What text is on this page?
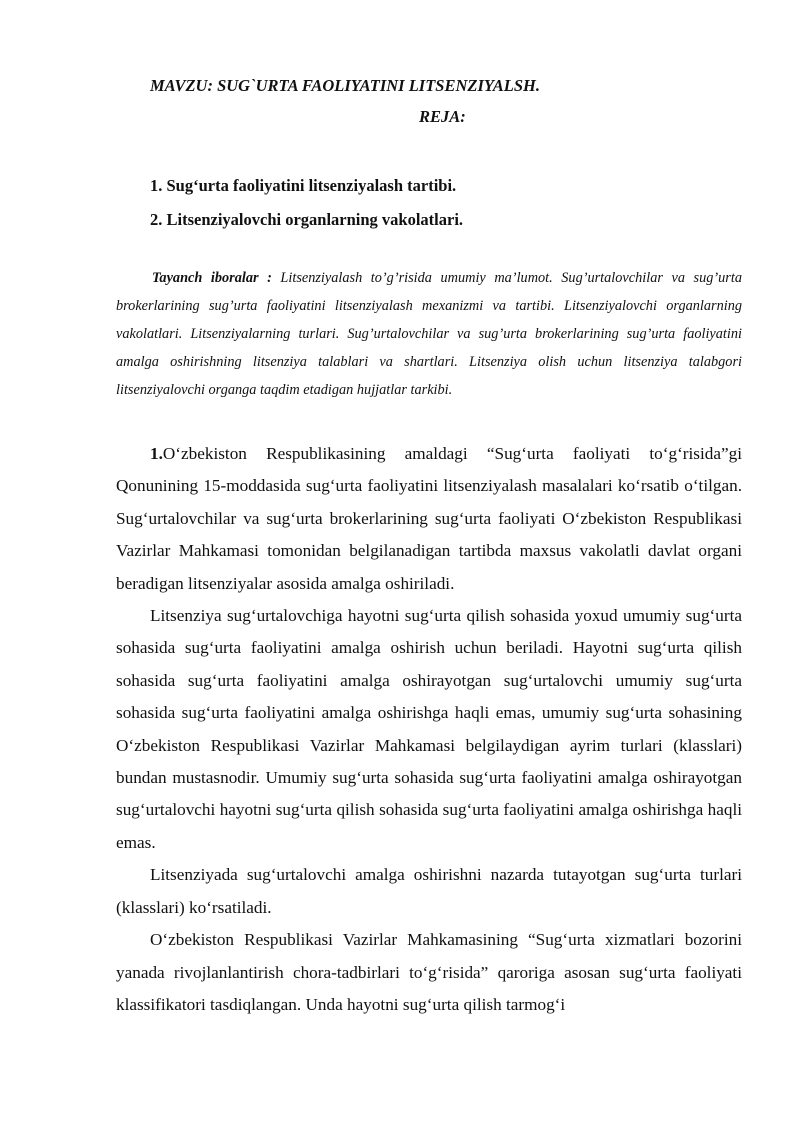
MAVZU: SUG`URTA FAOLIYATINI LITSENZIYALSH.
REJA:
1. Sug‘urta faoliyatini litsenziyalash tartibi.
2. Litsenziyalovchi organlarning vakolatlari.

Tayanch iboralar : Litsenziyalash to’g’risida umumiy ma’lumot. Sug’urtalovchilar va sug’urta brokerlarining sug’urta faoliyatini litsenziyalash mexanizmi va tartibi. Litsenziyalovchi organlarning vakolatlari. Litsenziyalarning turlari. Sug’urtalovchilar va sug’urta brokerlarining sug’urta faoliyatini amalga oshirishning litsenziya talablari va shartlari. Litsenziya olish uchun litsenziya talabgori litsenziyalovchi organga taqdim etadigan hujjatlar tarkibi.

1.O‘zbekiston Respublikasining amaldagi “Sug‘urta faoliyati to‘g‘risida”gi Qonunining 15-moddasida sug‘urta faoliyatini litsenziyalash masalalari ko‘rsatib o‘tilgan. Sug‘urtalovchilar va sug‘urta brokerlarining sug‘urta faoliyati O‘zbekiston Respublikasi Vazirlar Mahkamasi tomonidan belgilanadigan tartibda maxsus vakolatli davlat organi beradigan litsenziyalar asosida amalga oshiriladi.

Litsenziya sug‘urtalovchiga hayotni sug‘urta qilish sohasida yoxud umumiy sug‘urta sohasida sug‘urta faoliyatini amalga oshirish uchun beriladi. Hayotni sug‘urta qilish sohasida sug‘urta faoliyatini amalga oshirayotgan sug‘urtalovchi umumiy sug‘urta sohasida sug‘urta faoliyatini amalga oshirishga haqli emas, umumiy sug‘urta sohasining O‘zbekiston Respublikasi Vazirlar Mahkamasi belgilaydigan ayrim turlari (klasslari) bundan mustasnodir. Umumiy sug‘urta sohasida sug‘urta faoliyatini amalga oshirayotgan sug‘urtalovchi hayotni sug‘urta qilish sohasida sug‘urta faoliyatini amalga oshirishga haqli emas.

Litsenziyada sug‘urtalovchi amalga oshirishni nazarda tutayotgan sug‘urta turlari (klasslari) ko‘rsatiladi.

O‘zbekiston Respublikasi Vazirlar Mahkamasining “Sug‘urta xizmatlari bozorini yanada rivojlanlantirish chora-tadbirlari to‘g‘risida” qaroriga asosan sug‘urta faoliyati klassifikatori tasdiqlangan. Unda hayotni sug‘urta qilish tarmog‘i
